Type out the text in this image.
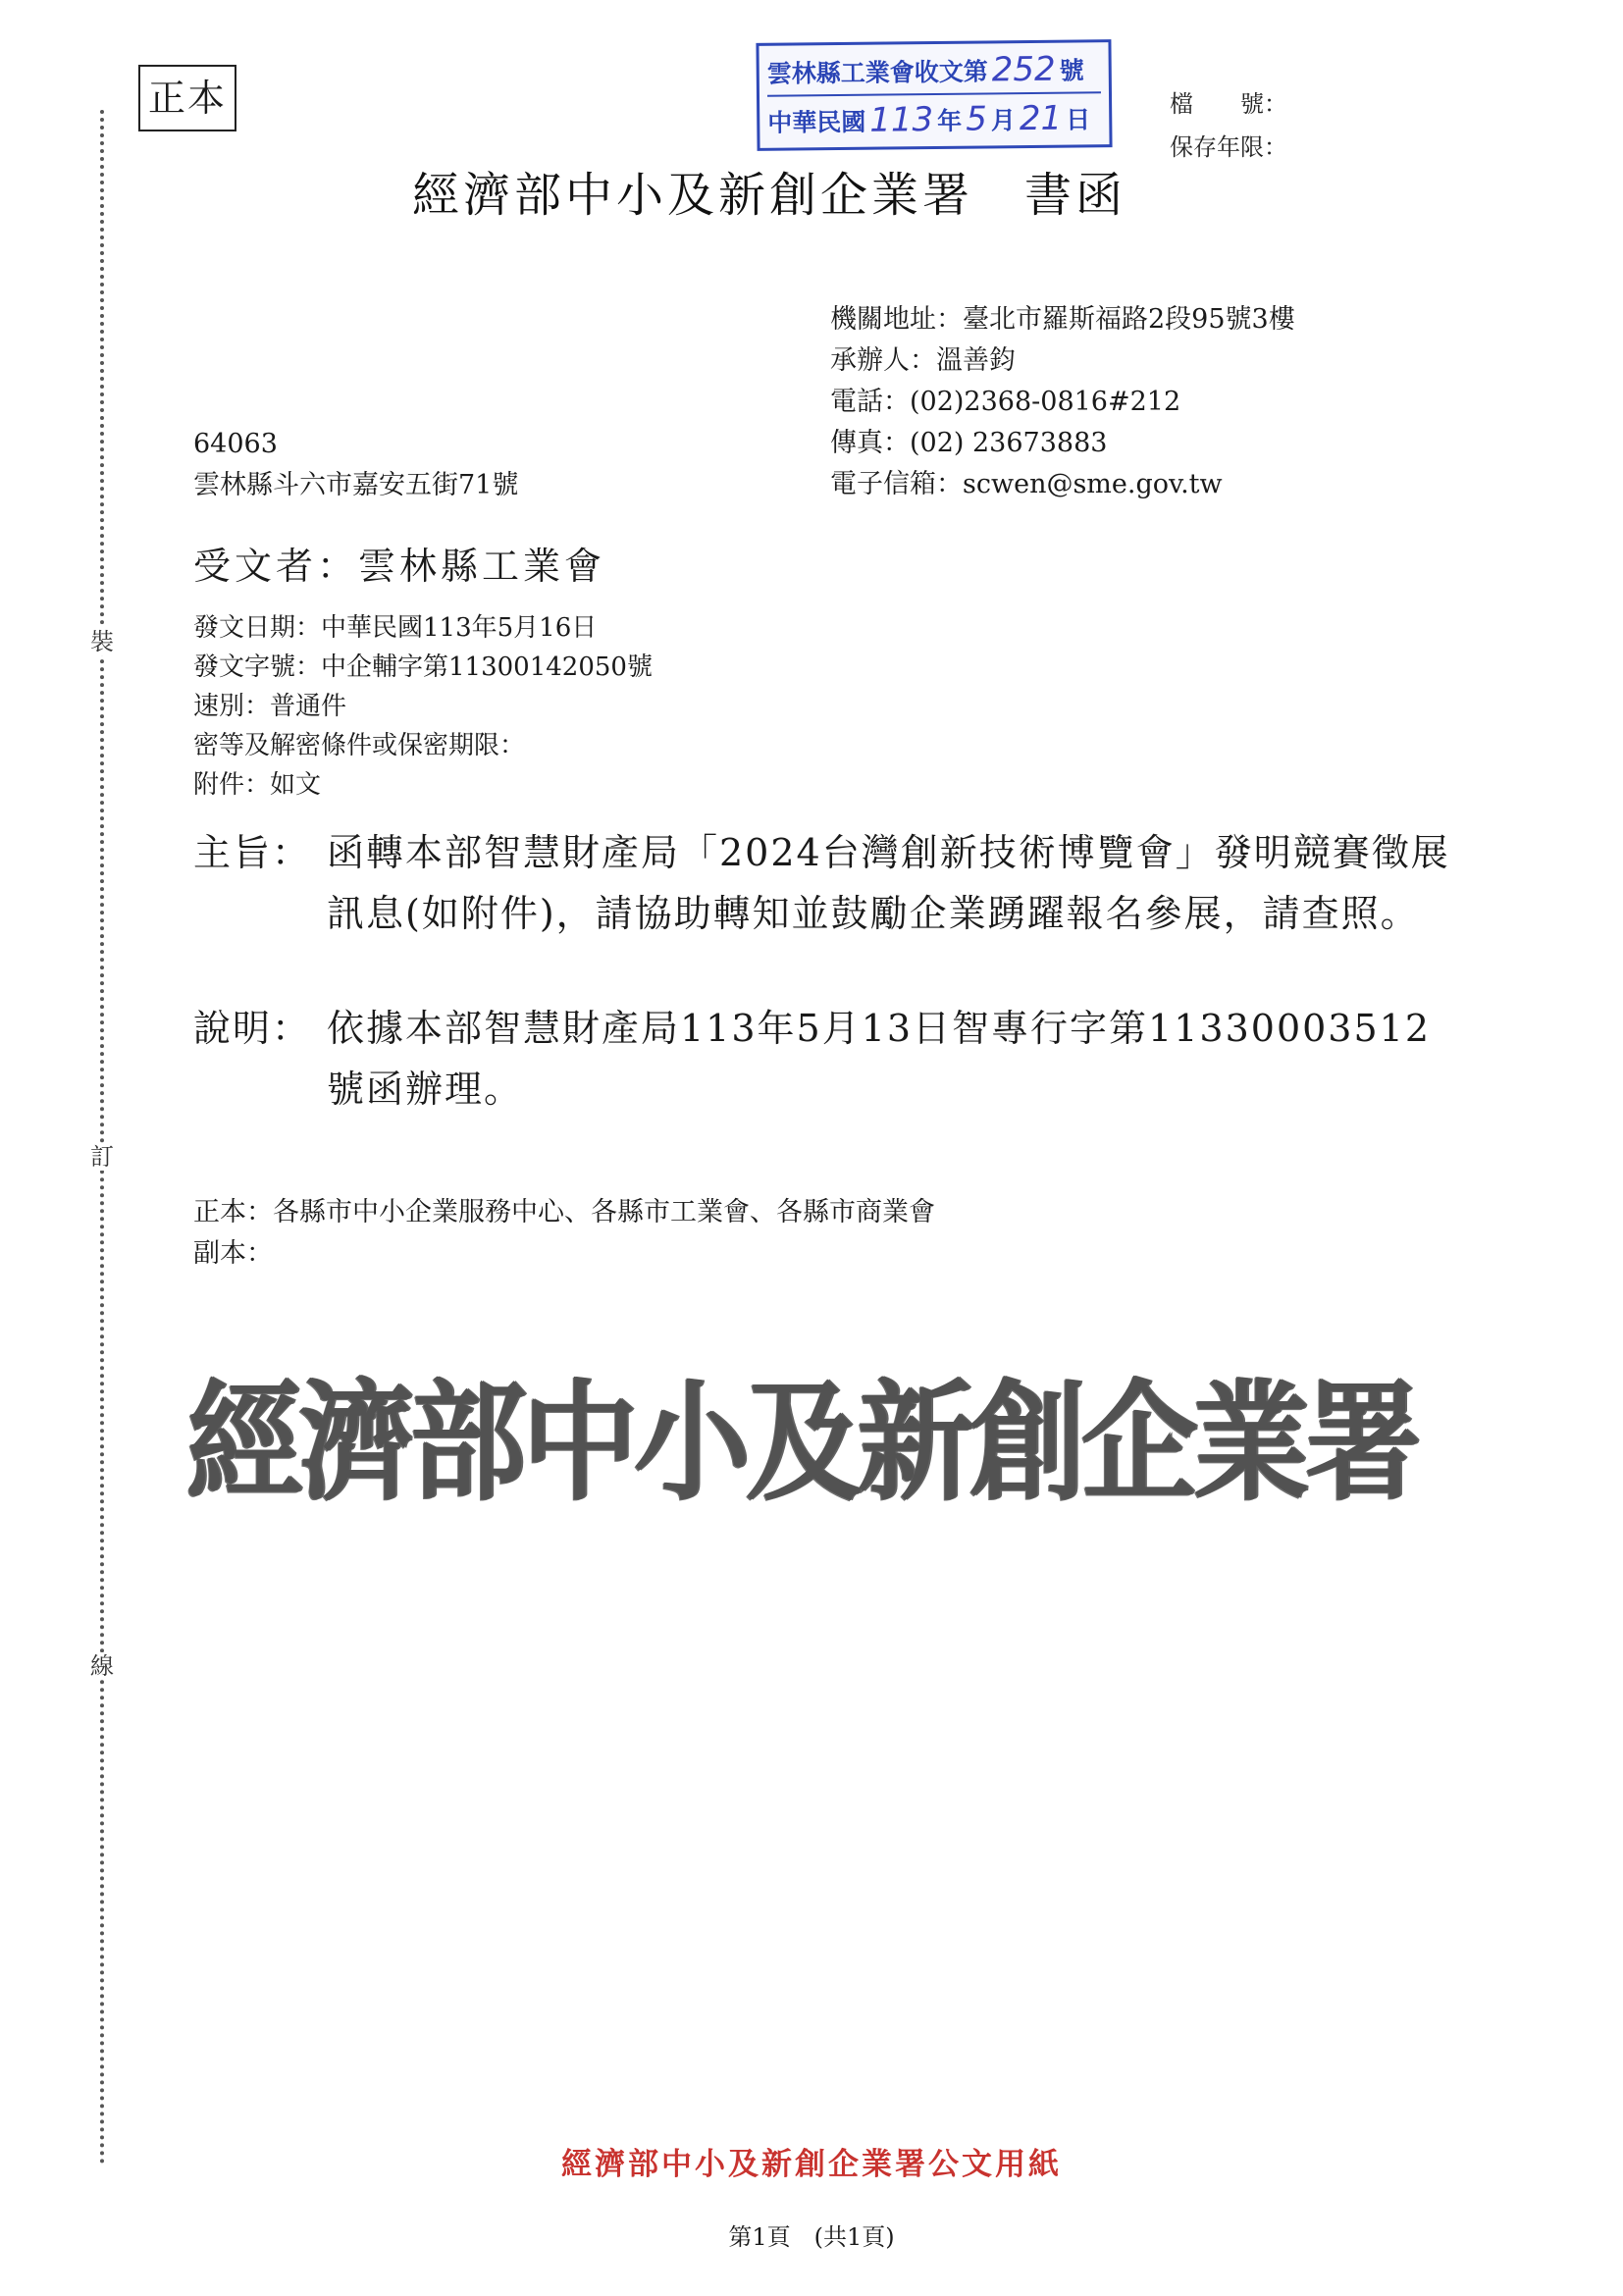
正本
裝
訂
線
雲林縣工業會收文第 252 號
中華民國 113 年 5 月 21 日
檔　　號：
保存年限：
經濟部中小及新創企業署　書函
機關地址：臺北市羅斯福路2段95號3樓
承辦人：溫善鈞
電話：(02)2368-0816#212
傳真：(02) 23673883
電子信箱：scwen@sme.gov.tw
64063
雲林縣斗六市嘉安五街71號
受文者：雲林縣工業會
發文日期：中華民國113年5月16日
發文字號：中企輔字第11300142050號
速別：普通件
密等及解密條件或保密期限：
附件：如文
主旨： 函轉本部智慧財產局「2024台灣創新技術博覽會」發明競賽徵展訊息(如附件)，請協助轉知並鼓勵企業踴躍報名參展，請查照。
說明： 依據本部智慧財產局113年5月13日智專行字第11330003512號函辦理。
正本：各縣市中小企業服務中心、各縣市工業會、各縣市商業會
副本：
經濟部中小及新創企業署
經濟部中小及新創企業署公文用紙
第1頁　(共1頁)
